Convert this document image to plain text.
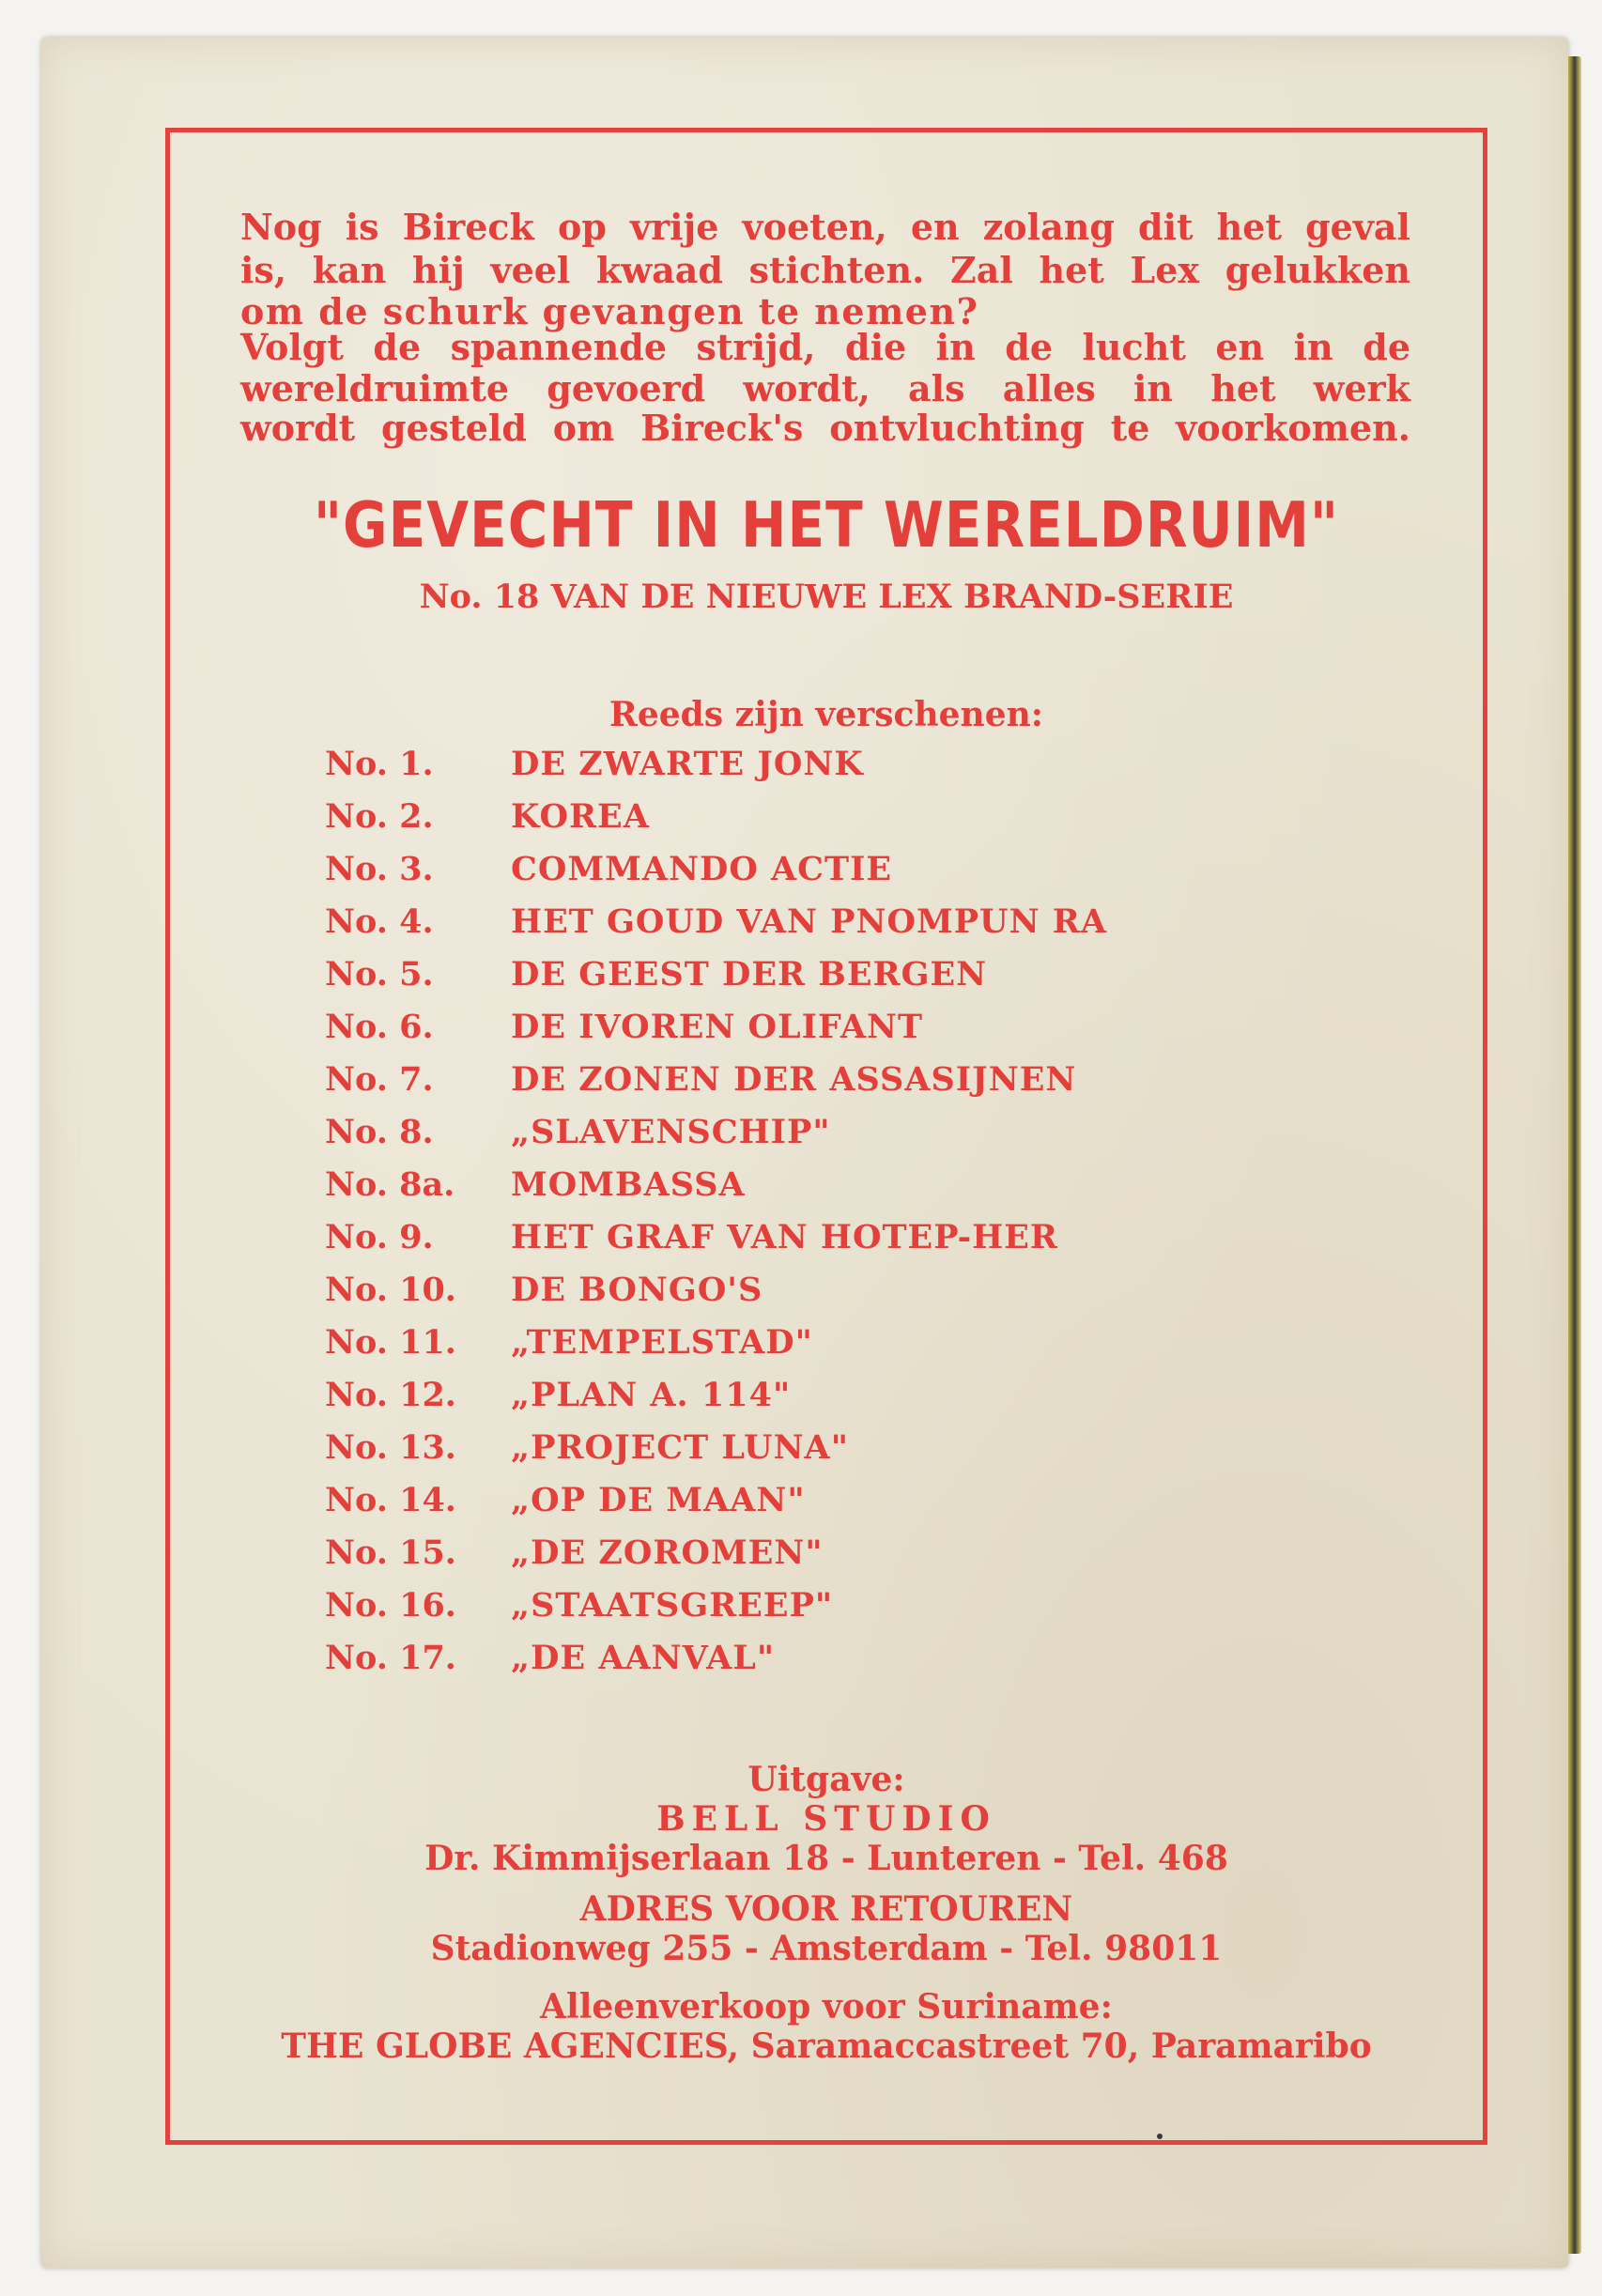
Nog is Bireck op vrije voeten, en zolang dit het geval

is, kan hij veel kwaad stichten. Zal het Lex gelukken

om de schurk gevangen te nemen?

Volgt de spannende strijd, die in de lucht en in de

wereldruimte gevoerd wordt, als alles in het werk

wordt gesteld om Bireck's ontvluchting te voorkomen.

"GEVECHT IN HET WERELDRUIM"

No. 18 VAN DE NIEUWE LEX BRAND-SERIE

Reeds zijn verschenen:

No. 1. DE ZWARTE JONK

No. 2. KOREA

No. 3. COMMANDO ACTIE

No. 4. HET GOUD VAN PNOMPUN RA

No. 5. DE GEEST DER BERGEN

No. 6. DE IVOREN OLIFANT

No. 7. DE ZONEN DER ASSASIJNEN

No. 8. „SLAVENSCHIP"

No. 8a. MOMBASSA

No. 9. HET GRAF VAN HOTEP-HER

No. 10. DE BONGO'S

No. 11. „TEMPELSTAD"

No. 12. „PLAN A. 114"

No. 13. „PROJECT LUNA"

No. 14. „OP DE MAAN"

No. 15. „DE ZOROMEN"

No. 16. „STAATSGREEP"

No. 17. „DE AANVAL"

Uitgave:

BELL STUDIO

Dr. Kimmijserlaan 18 - Lunteren - Tel. 468

ADRES VOOR RETOUREN

Stadionweg 255 - Amsterdam - Tel. 98011

Alleenverkoop voor Suriname:

THE GLOBE AGENCIES, Saramaccastreet 70, Paramaribo
